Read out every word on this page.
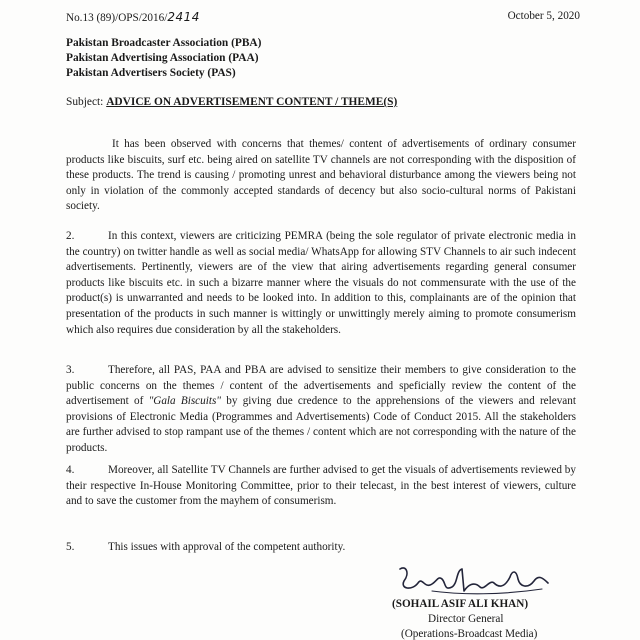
No.13 (89)/OPS/2016/2414	October 5, 2020
Pakistan Broadcaster Association (PBA)
Pakistan Advertising Association (PAA)
Pakistan Advertisers Society (PAS)
Subject: ADVICE ON ADVERTISEMENT CONTENT / THEME(S)
It has been observed with concerns that themes/ content of advertisements of ordinary consumer products like biscuits, surf etc. being aired on satellite TV channels are not corresponding with the disposition of these products. The trend is causing / promoting unrest and behavioral disturbance among the viewers being not only in violation of the commonly accepted standards of decency but also socio-cultural norms of Pakistani society.
2.	In this context, viewers are criticizing PEMRA (being the sole regulator of private electronic media in the country) on twitter handle as well as social media/ WhatsApp for allowing STV Channels to air such indecent advertisements. Pertinently, viewers are of the view that airing advertisements regarding general consumer products like biscuits etc. in such a bizarre manner where the visuals do not commensurate with the use of the product(s) is unwarranted and needs to be looked into. In addition to this, complainants are of the opinion that presentation of the products in such manner is wittingly or unwittingly merely aiming to promote consumerism which also requires due consideration by all the stakeholders.
3.	Therefore, all PAS, PAA and PBA are advised to sensitize their members to give consideration to the public concerns on the themes / content of the advertisements and speficially review the content of the advertisement of "Gala Biscuits" by giving due credence to the apprehensions of the viewers and relevant provisions of Electronic Media (Programmes and Advertisements) Code of Conduct 2015. All the stakeholders are further advised to stop rampant use of the themes / content which are not corresponding with the nature of the products.
4.	Moreover, all Satellite TV Channels are further advised to get the visuals of advertisements reviewed by their respective In-House Monitoring Committee, prior to their telecast, in the best interest of viewers, culture and to save the customer from the mayhem of consumerism.
5.	This issues with approval of the competent authority.
(SOHAIL ASIF ALI KHAN)
Director General
(Operations-Broadcast Media)
